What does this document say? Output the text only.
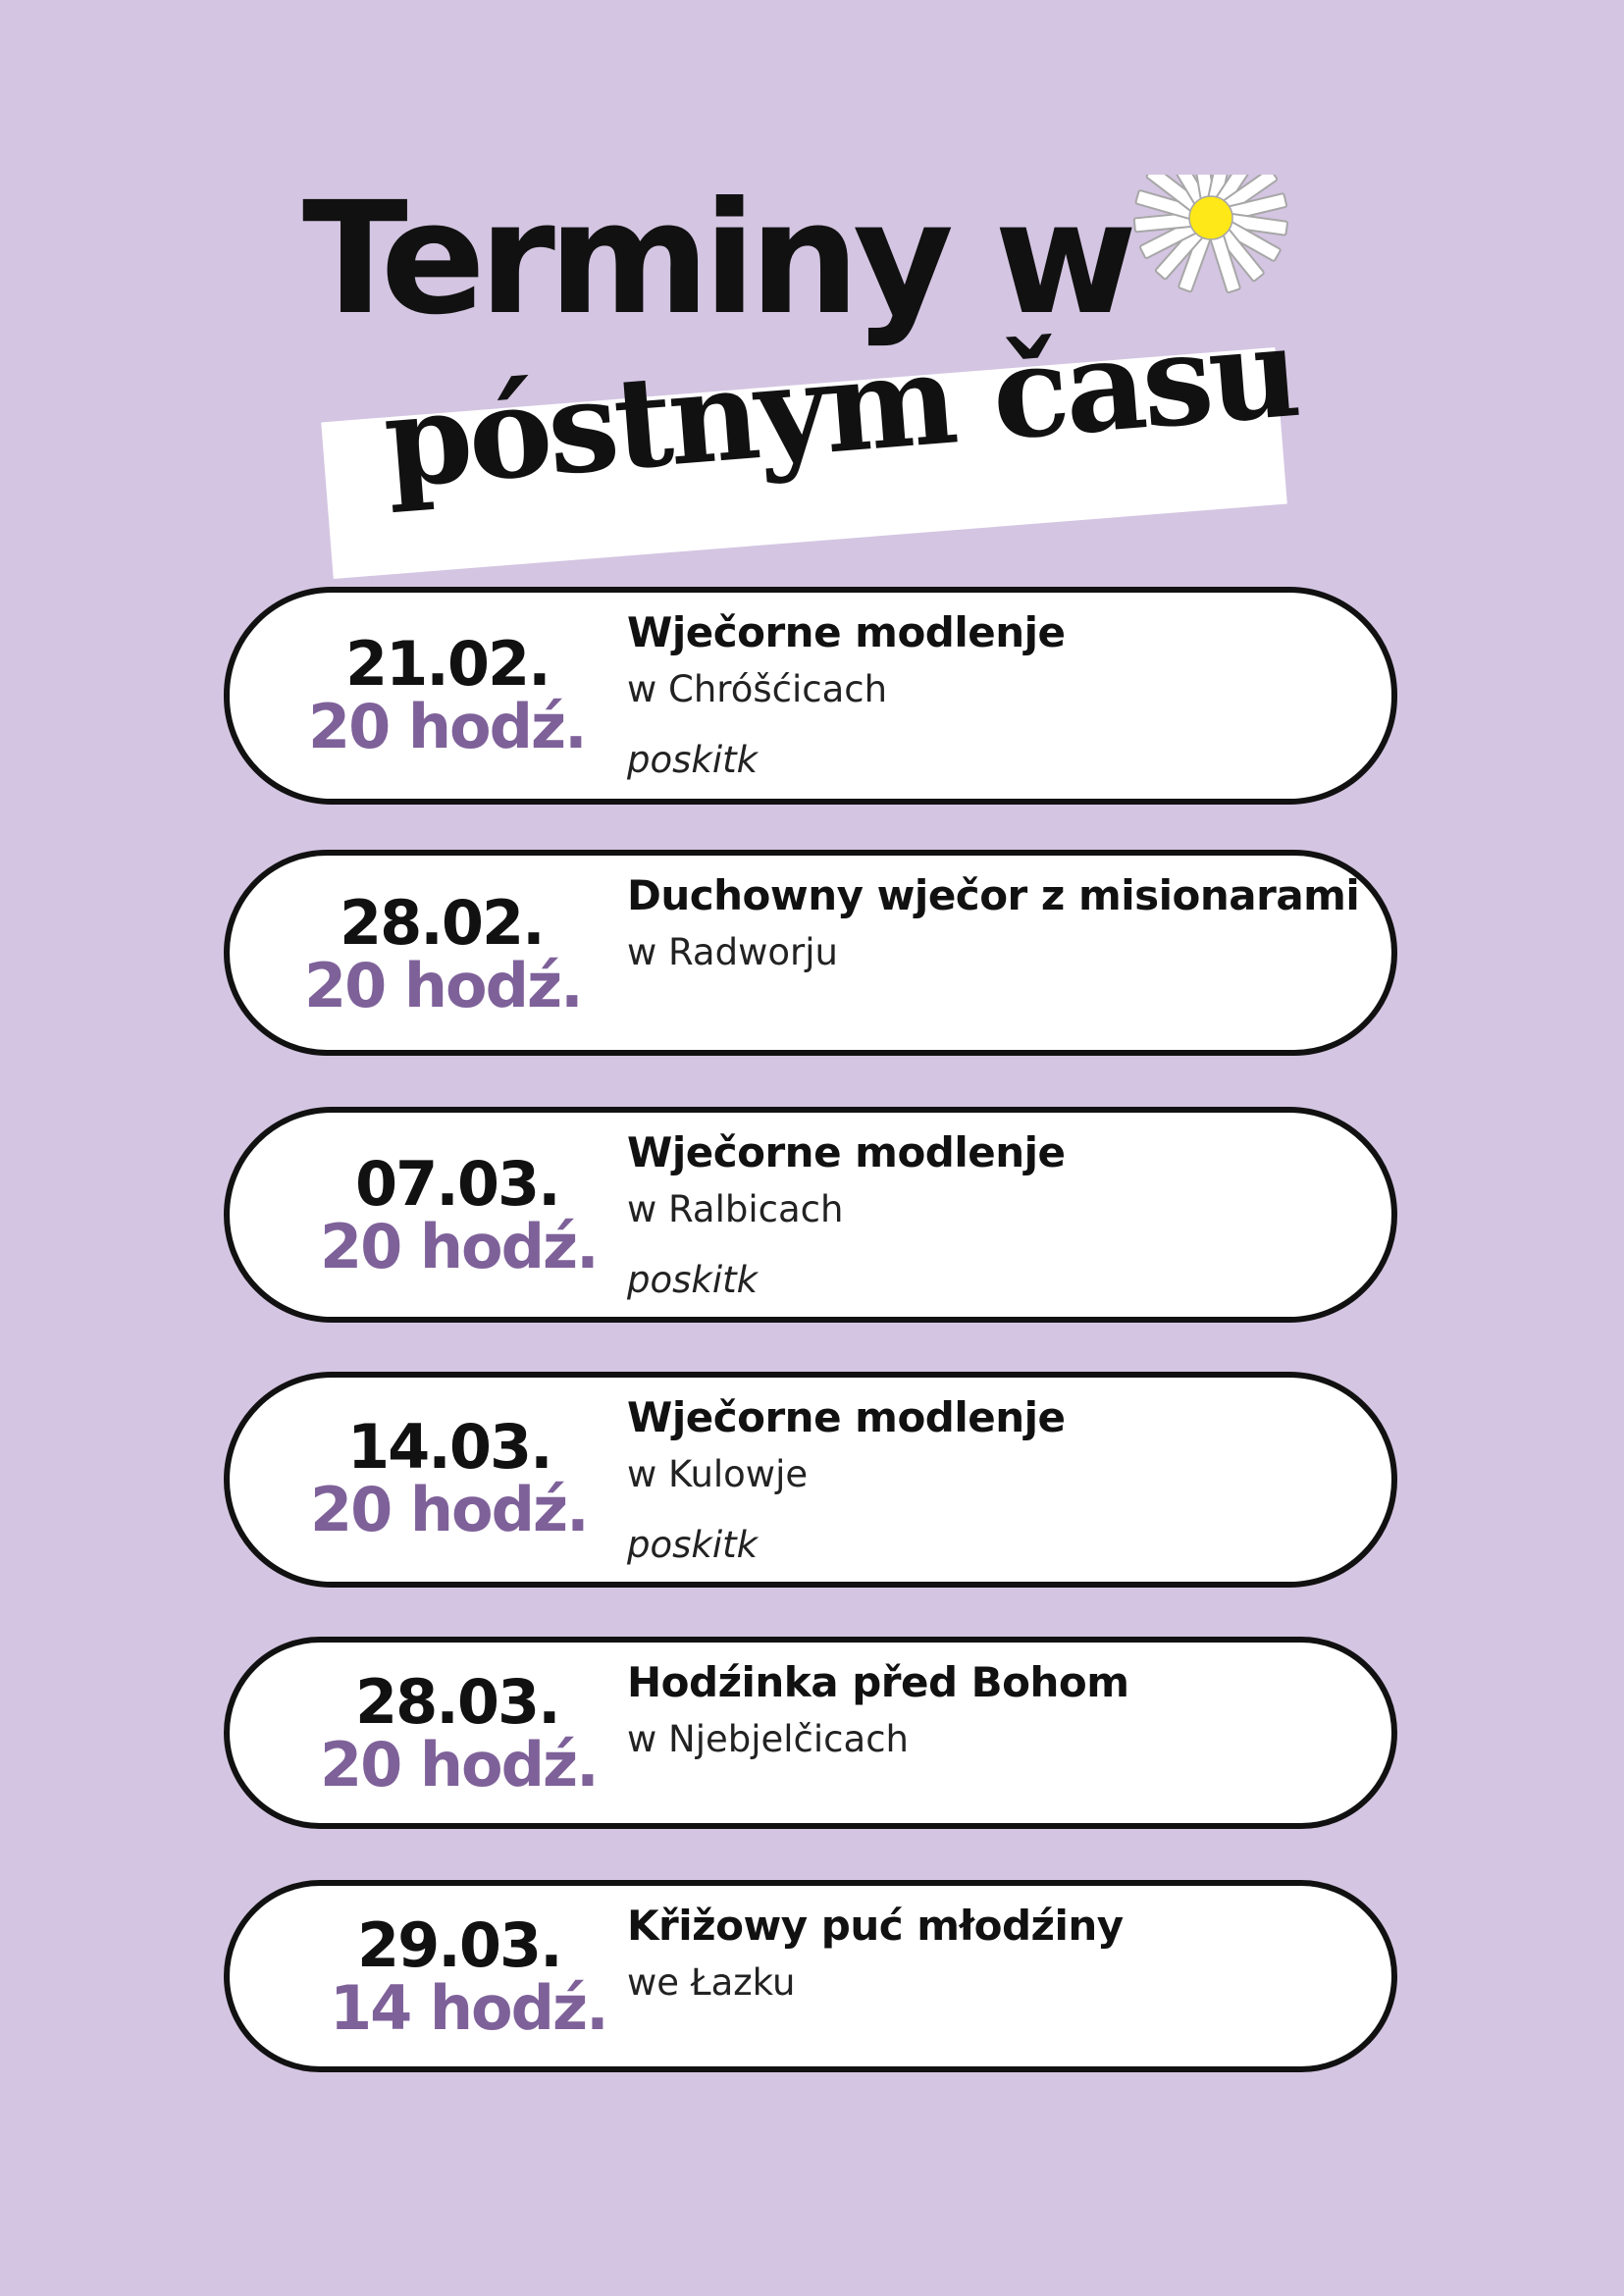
Terminy w
póstnym času
21.02.
20 hodź.
Wječorne modlenje
w Chróšćicach
poskitk
28.02.
20 hodź.
Duchowny wječor z misionarami
w Radworju
07.03.
20 hodź.
Wječorne modlenje
w Ralbicach
poskitk
14.03.
20 hodź.
Wječorne modlenje
w Kulowje
poskitk
28.03.
20 hodź.
Hodźinka před Bohom
w Njebjelčicach
29.03.
14 hodź.
Křižowy puć młodźiny
we Łazku
